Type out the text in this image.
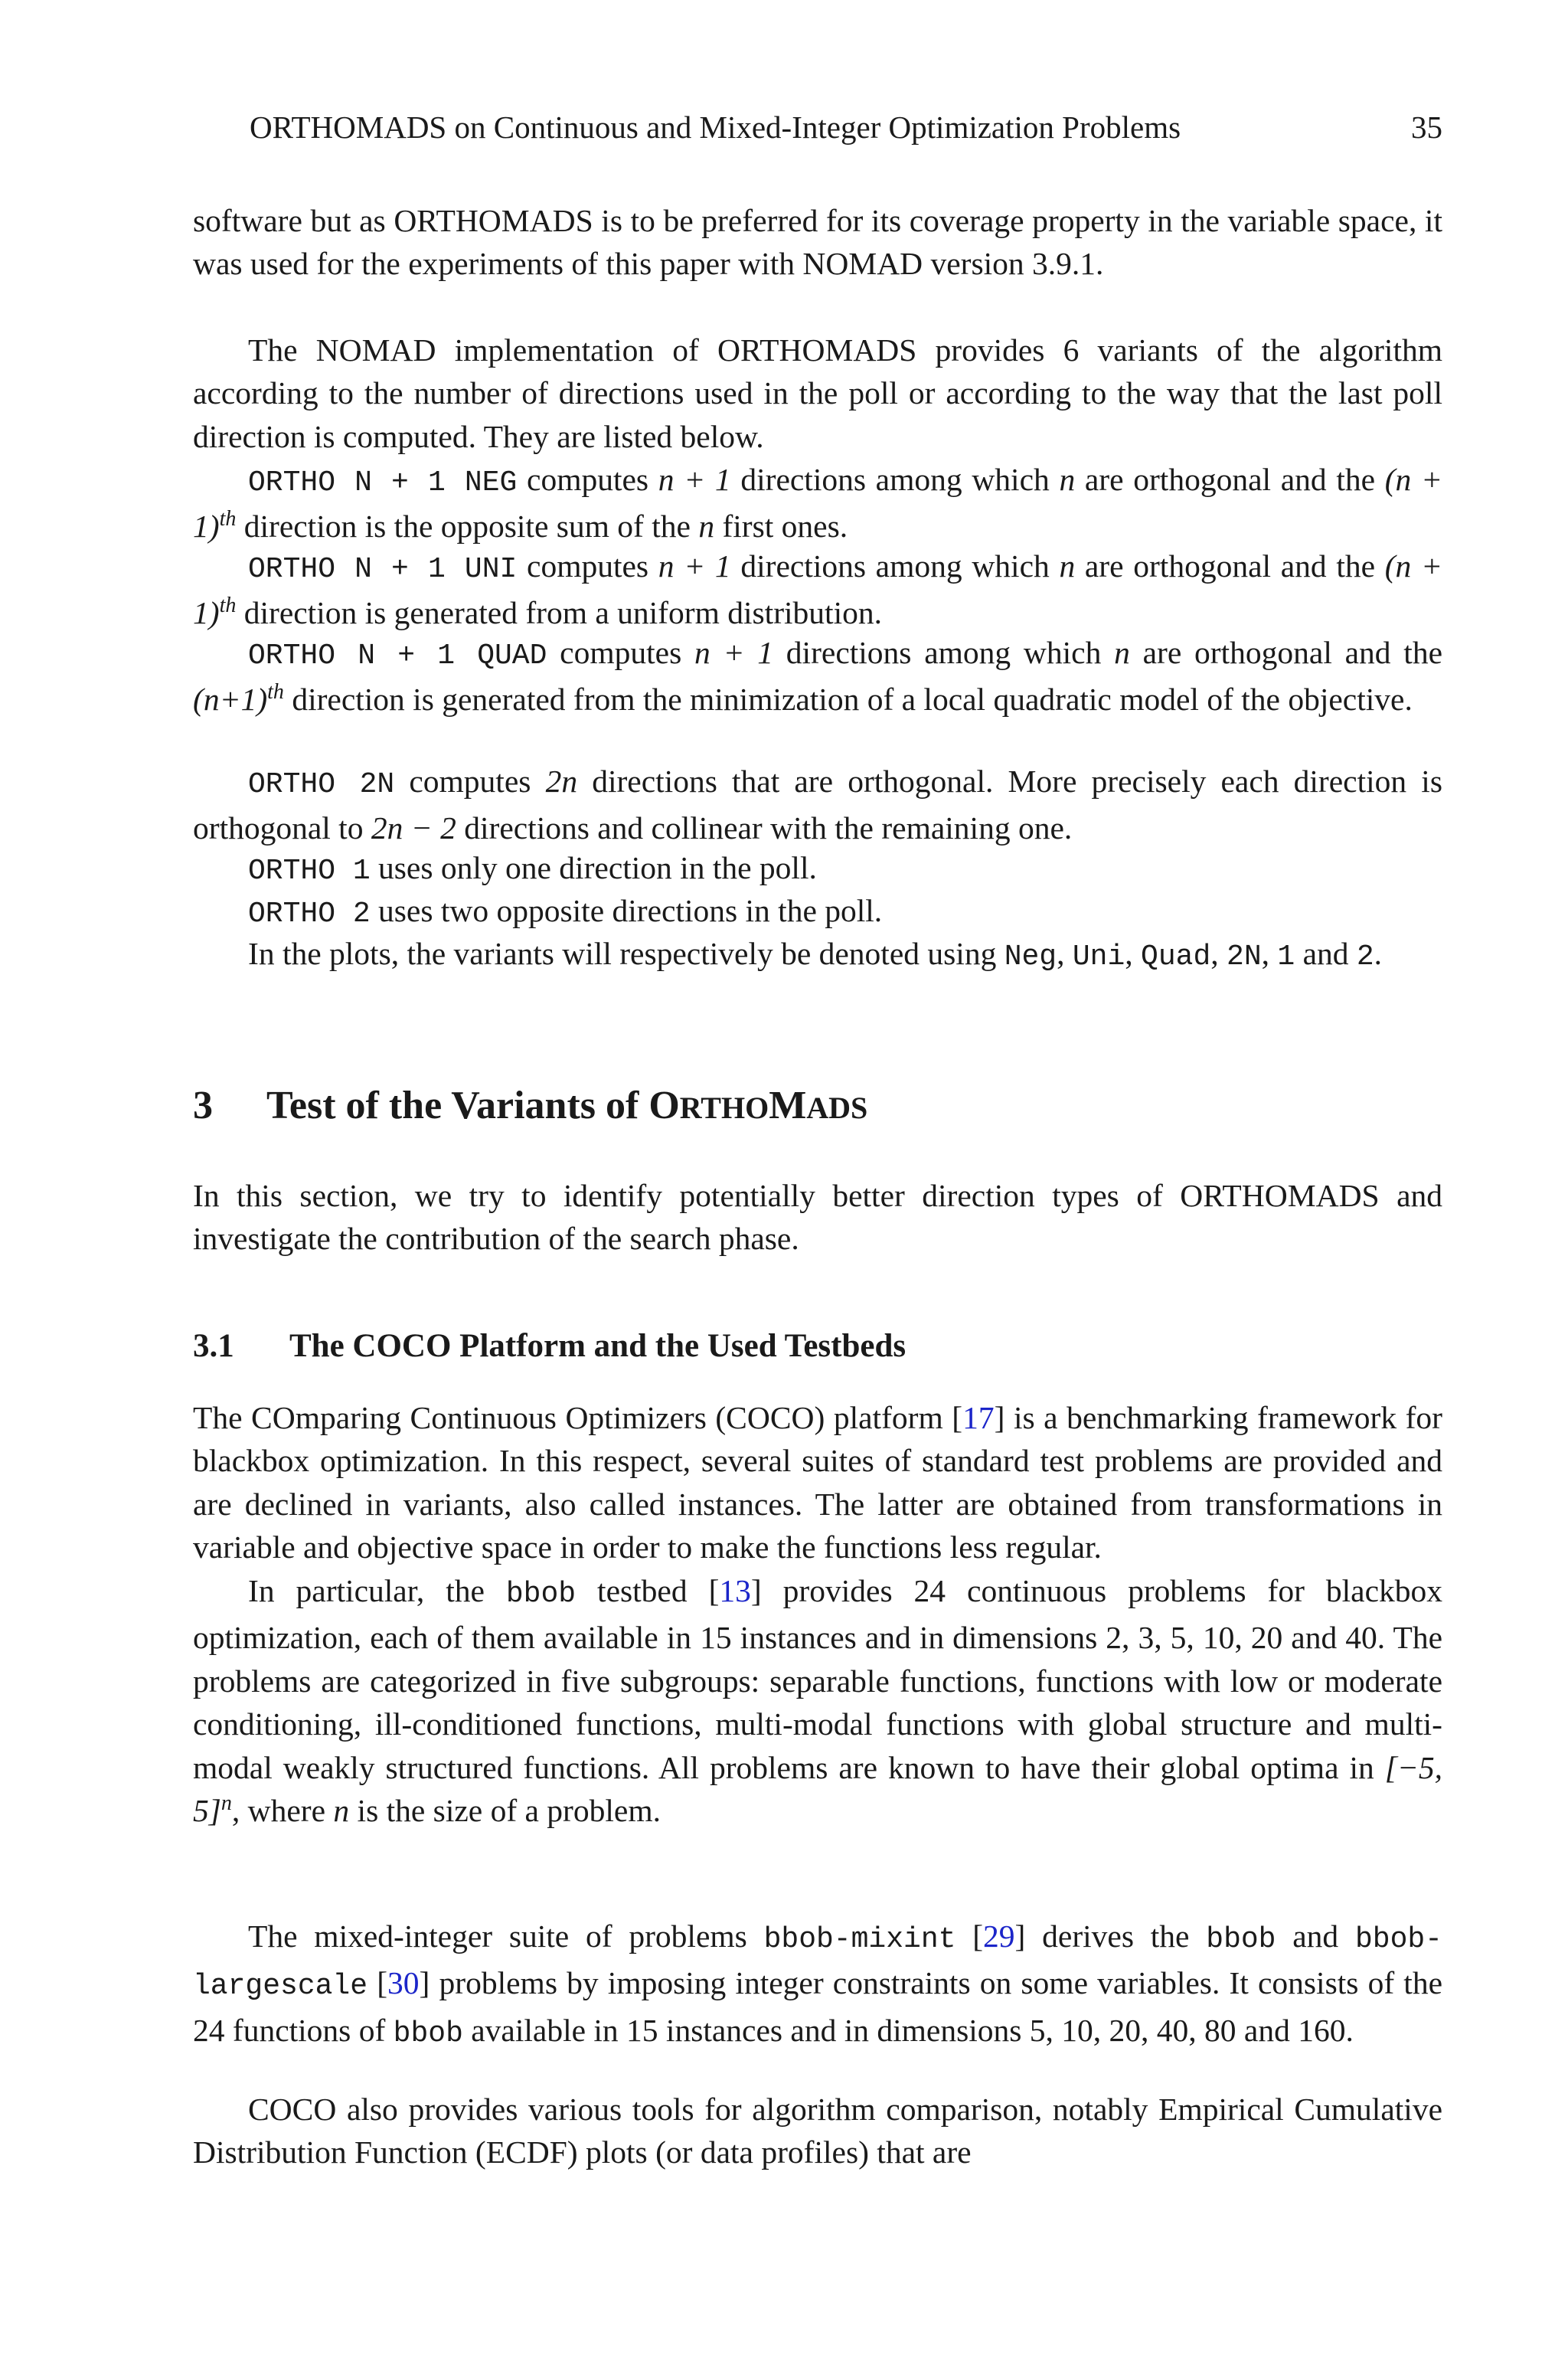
ORTHOMADS on Continuous and Mixed-Integer Optimization Problems	35

software but as ORTHOMADS is to be preferred for its coverage property in the variable space, it was used for the experiments of this paper with NOMAD version 3.9.1.

The NOMAD implementation of ORTHOMADS provides 6 variants of the algorithm according to the number of directions used in the poll or according to the way that the last poll direction is computed. They are listed below.

ORTHO N + 1 NEG computes n + 1 directions among which n are orthogonal and the $(n + 1)^{th}$ direction is the opposite sum of the n first ones.

ORTHO N + 1 UNI computes n + 1 directions among which n are orthogonal and the $(n + 1)^{th}$ direction is generated from a uniform distribution.

ORTHO N + 1 QUAD computes n + 1 directions among which n are orthogonal and the $(n+1)^{th}$ direction is generated from the minimization of a local quadratic model of the objective.

ORTHO 2N computes 2n directions that are orthogonal. More precisely each direction is orthogonal to 2n − 2 directions and collinear with the remaining one.

ORTHO 1 uses only one direction in the poll.

ORTHO 2 uses two opposite directions in the poll.

In the plots, the variants will respectively be denoted using Neg, Uni, Quad, 2N, 1 and 2.

3 Test of the Variants of ORTHOMADS

In this section, we try to identify potentially better direction types of ORTHOMADS and investigate the contribution of the search phase.

3.1 The COCO Platform and the Used Testbeds

The COmparing Continuous Optimizers (COCO) platform [17] is a benchmarking framework for blackbox optimization. In this respect, several suites of standard test problems are provided and are declined in variants, also called instances. The latter are obtained from transformations in variable and objective space in order to make the functions less regular.

In particular, the bbob testbed [13] provides 24 continuous problems for blackbox optimization, each of them available in 15 instances and in dimensions 2, 3, 5, 10, 20 and 40. The problems are categorized in five subgroups: separable functions, functions with low or moderate conditioning, ill-conditioned functions, multi-modal functions with global structure and multi-modal weakly structured functions. All problems are known to have their global optima in [−5, 5]$^n$, where n is the size of a problem.

The mixed-integer suite of problems bbob-mixint [29] derives the bbob and bbob-largescale [30] problems by imposing integer constraints on some variables. It consists of the 24 functions of bbob available in 15 instances and in dimensions 5, 10, 20, 40, 80 and 160.

COCO also provides various tools for algorithm comparison, notably Empirical Cumulative Distribution Function (ECDF) plots (or data profiles) that are
